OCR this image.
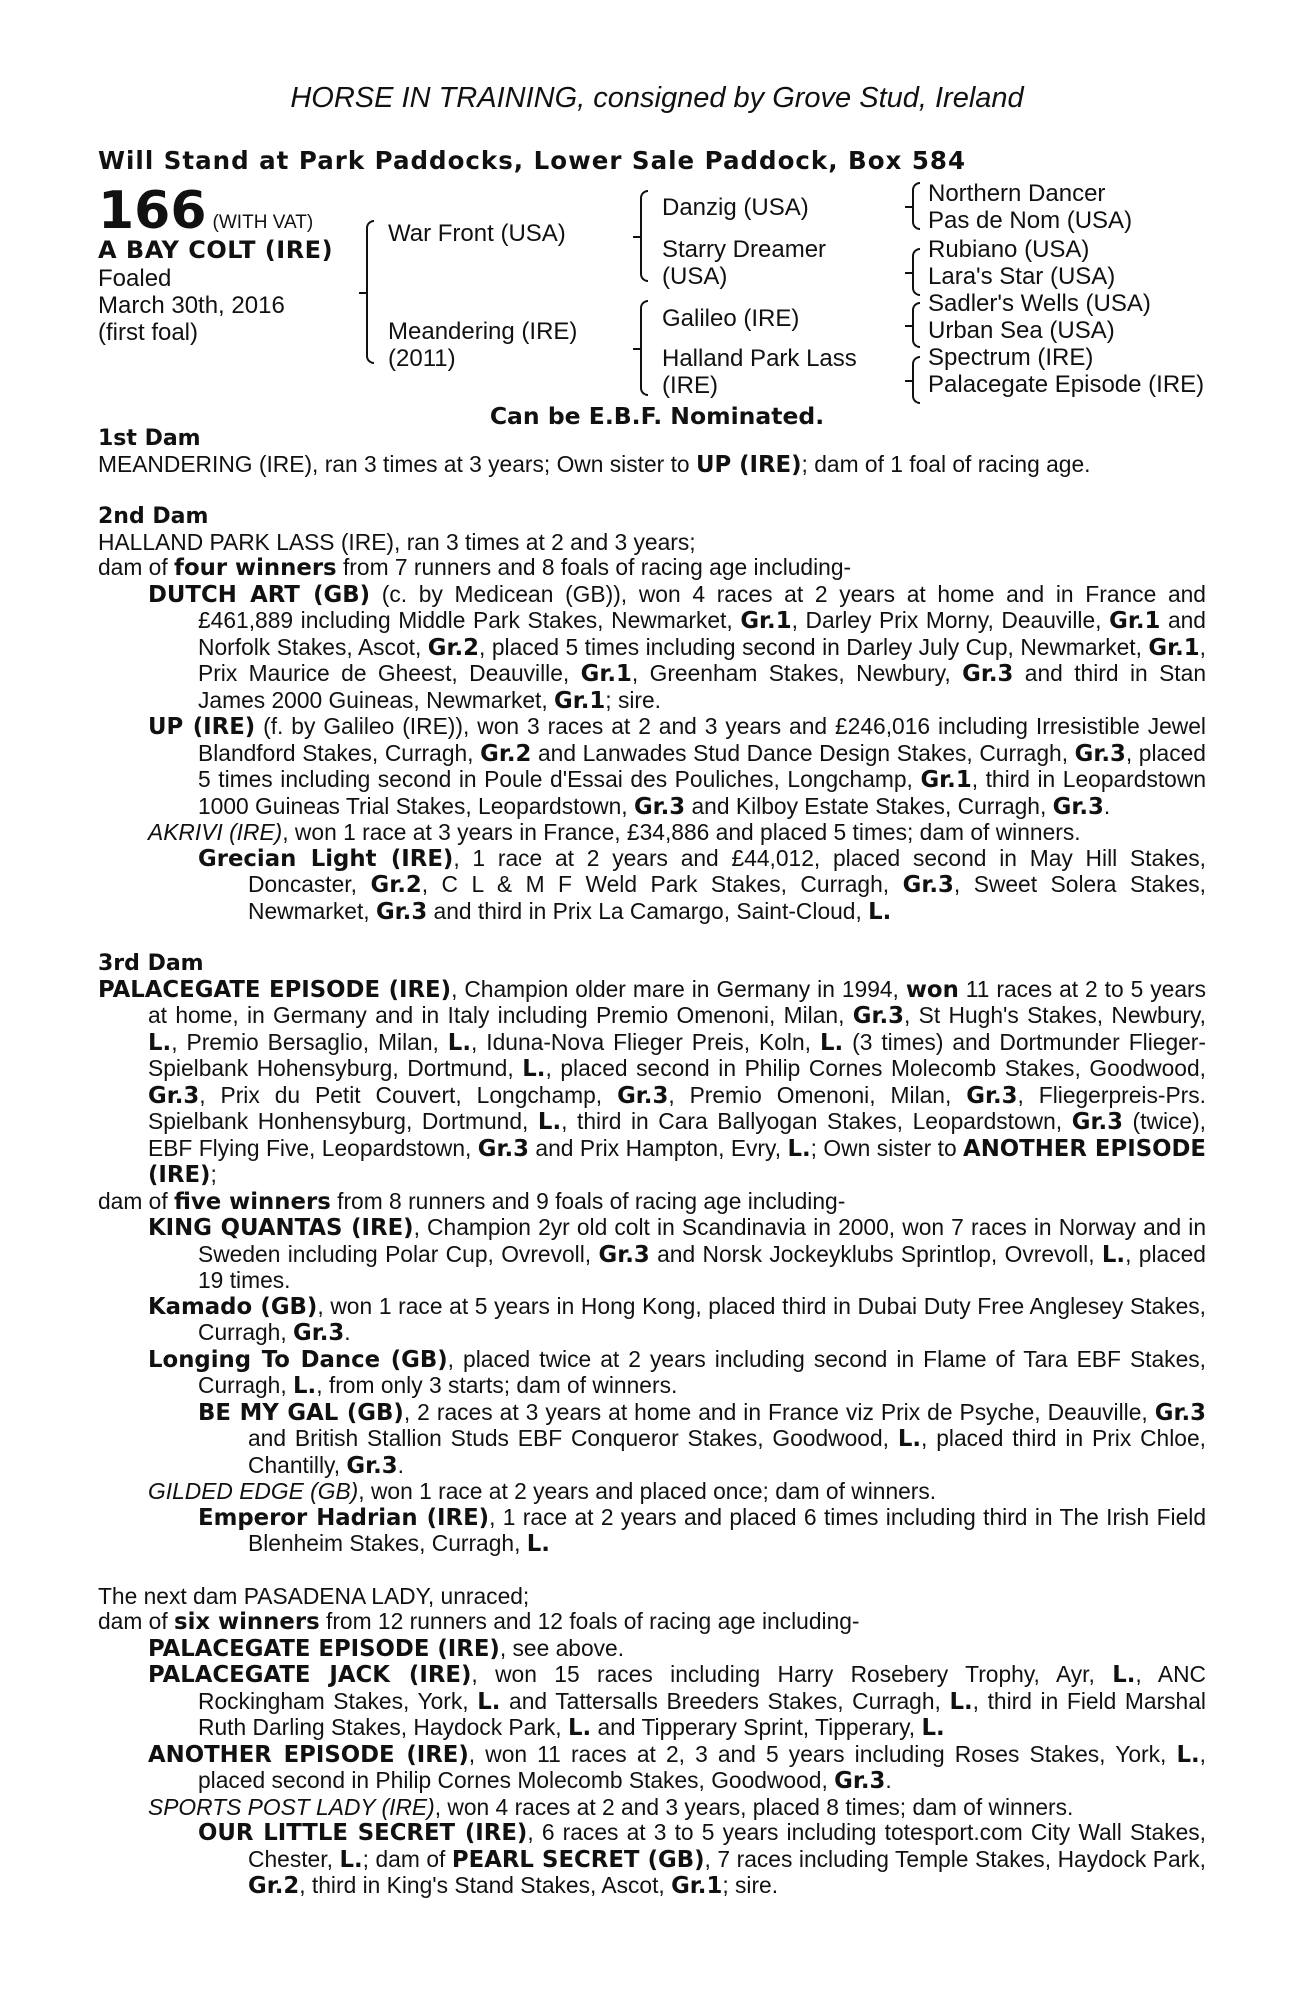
HORSE IN TRAINING, consigned by Grove Stud, Ireland
Will Stand at Park Paddocks, Lower Sale Paddock, Box 584
166 (WITH VAT)
A BAY COLT (IRE)
Foaled
March 30th, 2016
(first foal)
War Front (USA)
Meandering (IRE)
(2011)
Danzig (USA)
Starry Dreamer
(USA)
Galileo (IRE)
Halland Park Lass
(IRE)
Northern Dancer
Pas de Nom (USA)
Rubiano (USA)
Lara's Star (USA)
Sadler's Wells (USA)
Urban Sea (USA)
Spectrum (IRE)
Palacegate Episode (IRE)
Can be E.B.F. Nominated.
1st Dam
MEANDERING (IRE), ran 3 times at 3 years; Own sister to UP (IRE); dam of 1 foal of racing age.
2nd Dam
HALLAND PARK LASS (IRE), ran 3 times at 2 and 3 years;
dam of four winners from 7 runners and 8 foals of racing age including-
DUTCH ART (GB) (c. by Medicean (GB)), won 4 races at 2 years at home and in France and £461,889 including Middle Park Stakes, Newmarket, Gr.1, Darley Prix Morny, Deauville, Gr.1 and Norfolk Stakes, Ascot, Gr.2, placed 5 times including second in Darley July Cup, Newmarket, Gr.1, Prix Maurice de Gheest, Deauville, Gr.1, Greenham Stakes, Newbury, Gr.3 and third in Stan James 2000 Guineas, Newmarket, Gr.1; sire.
UP (IRE) (f. by Galileo (IRE)), won 3 races at 2 and 3 years and £246,016 including Irresistible Jewel Blandford Stakes, Curragh, Gr.2 and Lanwades Stud Dance Design Stakes, Curragh, Gr.3, placed 5 times including second in Poule d'Essai des Pouliches, Longchamp, Gr.1, third in Leopardstown 1000 Guineas Trial Stakes, Leopardstown, Gr.3 and Kilboy Estate Stakes, Curragh, Gr.3.
AKRIVI (IRE), won 1 race at 3 years in France, £34,886 and placed 5 times; dam of winners.
Grecian Light (IRE), 1 race at 2 years and £44,012, placed second in May Hill Stakes, Doncaster, Gr.2, C L & M F Weld Park Stakes, Curragh, Gr.3, Sweet Solera Stakes, Newmarket, Gr.3 and third in Prix La Camargo, Saint-Cloud, L.
3rd Dam
PALACEGATE EPISODE (IRE), Champion older mare in Germany in 1994, won 11 races at 2 to 5 years at home, in Germany and in Italy including Premio Omenoni, Milan, Gr.3, St Hugh's Stakes, Newbury, L., Premio Bersaglio, Milan, L., Iduna-Nova Flieger Preis, Koln, L. (3 times) and Dortmunder Flieger-Spielbank Hohensyburg, Dortmund, L., placed second in Philip Cornes Molecomb Stakes, Goodwood, Gr.3, Prix du Petit Couvert, Longchamp, Gr.3, Premio Omenoni, Milan, Gr.3, Fliegerpreis-Prs. Spielbank Honhensyburg, Dortmund, L., third in Cara Ballyogan Stakes, Leopardstown, Gr.3 (twice), EBF Flying Five, Leopardstown, Gr.3 and Prix Hampton, Evry, L.; Own sister to ANOTHER EPISODE (IRE);
dam of five winners from 8 runners and 9 foals of racing age including-
KING QUANTAS (IRE), Champion 2yr old colt in Scandinavia in 2000, won 7 races in Norway and in Sweden including Polar Cup, Ovrevoll, Gr.3 and Norsk Jockeyklubs Sprintlop, Ovrevoll, L., placed 19 times.
Kamado (GB), won 1 race at 5 years in Hong Kong, placed third in Dubai Duty Free Anglesey Stakes, Curragh, Gr.3.
Longing To Dance (GB), placed twice at 2 years including second in Flame of Tara EBF Stakes, Curragh, L., from only 3 starts; dam of winners.
BE MY GAL (GB), 2 races at 3 years at home and in France viz Prix de Psyche, Deauville, Gr.3 and British Stallion Studs EBF Conqueror Stakes, Goodwood, L., placed third in Prix Chloe, Chantilly, Gr.3.
GILDED EDGE (GB), won 1 race at 2 years and placed once; dam of winners.
Emperor Hadrian (IRE), 1 race at 2 years and placed 6 times including third in The Irish Field Blenheim Stakes, Curragh, L.
The next dam PASADENA LADY, unraced;
dam of six winners from 12 runners and 12 foals of racing age including-
PALACEGATE EPISODE (IRE), see above.
PALACEGATE JACK (IRE), won 15 races including Harry Rosebery Trophy, Ayr, L., ANC Rockingham Stakes, York, L. and Tattersalls Breeders Stakes, Curragh, L., third in Field Marshal Ruth Darling Stakes, Haydock Park, L. and Tipperary Sprint, Tipperary, L.
ANOTHER EPISODE (IRE), won 11 races at 2, 3 and 5 years including Roses Stakes, York, L., placed second in Philip Cornes Molecomb Stakes, Goodwood, Gr.3.
SPORTS POST LADY (IRE), won 4 races at 2 and 3 years, placed 8 times; dam of winners.
OUR LITTLE SECRET (IRE), 6 races at 3 to 5 years including totesport.com City Wall Stakes, Chester, L.; dam of PEARL SECRET (GB), 7 races including Temple Stakes, Haydock Park, Gr.2, third in King's Stand Stakes, Ascot, Gr.1; sire.
